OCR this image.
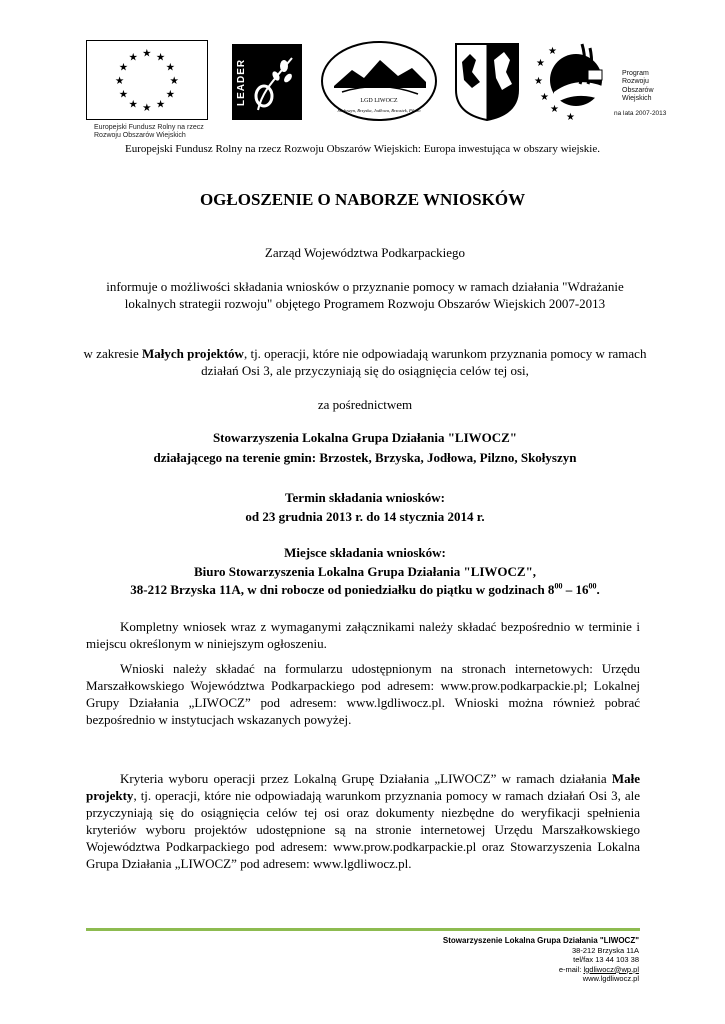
★ ★
★
★
★
★
★
★
★
★
★
★
Europejski Fundusz Rolny na rzecz
Rozwoju Obszarów Wiejskich
LEADER	LGD LIWOCZ
Skołyszyn, Brzyska, Jodłowa, Brzostek, Pilzno
★
★
★
★
★
★
Program
Rozwoju
Obszarów
Wiejskich
na lata 2007-2013
Europejski Fundusz Rolny na rzecz Rozwoju Obszarów Wiejskich: Europa inwestująca w obszary wiejskie.
OGŁOSZENIE O NABORZE WNIOSKÓW
Zarząd Województwa Podkarpackiego
informuje o możliwości składania wniosków o przyznanie pomocy w ramach działania "Wdrażanie lokalnych strategii rozwoju" objętego Programem Rozwoju Obszarów Wiejskich 2007-2013
w zakresie Małych projektów, tj. operacji, które nie odpowiadają warunkom przyznania pomocy w ramach działań Osi 3, ale przyczyniają się do osiągnięcia celów tej osi,
za pośrednictwem
Stowarzyszenia Lokalna Grupa Działania "LIWOCZ"
działającego na terenie gmin: Brzostek, Brzyska, Jodłowa, Pilzno, Skołyszyn
Termin składania wniosków:
od 23 grudnia 2013 r. do 14 stycznia 2014 r.
Miejsce składania wniosków:
Biuro Stowarzyszenia Lokalna Grupa Działania "LIWOCZ",
38-212 Brzyska 11A, w dni robocze od poniedziałku do piątku w godzinach $8^{00} - 16^{00}$.
Kompletny wniosek wraz z wymaganymi załącznikami należy składać bezpośrednio w terminie i miejscu określonym w niniejszym ogłoszeniu.
Wnioski należy składać na formularzu udostępnionym na stronach internetowych: Urzędu Marszałkowskiego Województwa Podkarpackiego pod adresem: www.prow.podkarpackie.pl; Lokalnej Grupy Działania „LIWOCZ” pod adresem: www.lgdliwocz.pl. Wnioski można również pobrać bezpośrednio w instytucjach wskazanych powyżej.
Kryteria wyboru operacji przez Lokalną Grupę Działania „LIWOCZ” w ramach działania Małe projekty, tj. operacji, które nie odpowiadają warunkom przyznania pomocy w ramach działań Osi 3, ale przyczyniają się do osiągnięcia celów tej osi oraz dokumenty niezbędne do weryfikacji spełnienia kryteriów wyboru projektów udostępnione są na stronie internetowej Urzędu Marszałkowskiego Województwa Podkarpackiego pod adresem: www.prow.podkarpackie.pl oraz Stowarzyszenia Lokalna Grupa Działania „LIWOCZ” pod adresem: www.lgdliwocz.pl.
Stowarzyszenie Lokalna Grupa Działania "LIWOCZ"
38-212 Brzyska 11A
tel/fax 13 44 103 38
e-mail: lgdliwocz@wp.pl
www.lgdliwocz.pl
